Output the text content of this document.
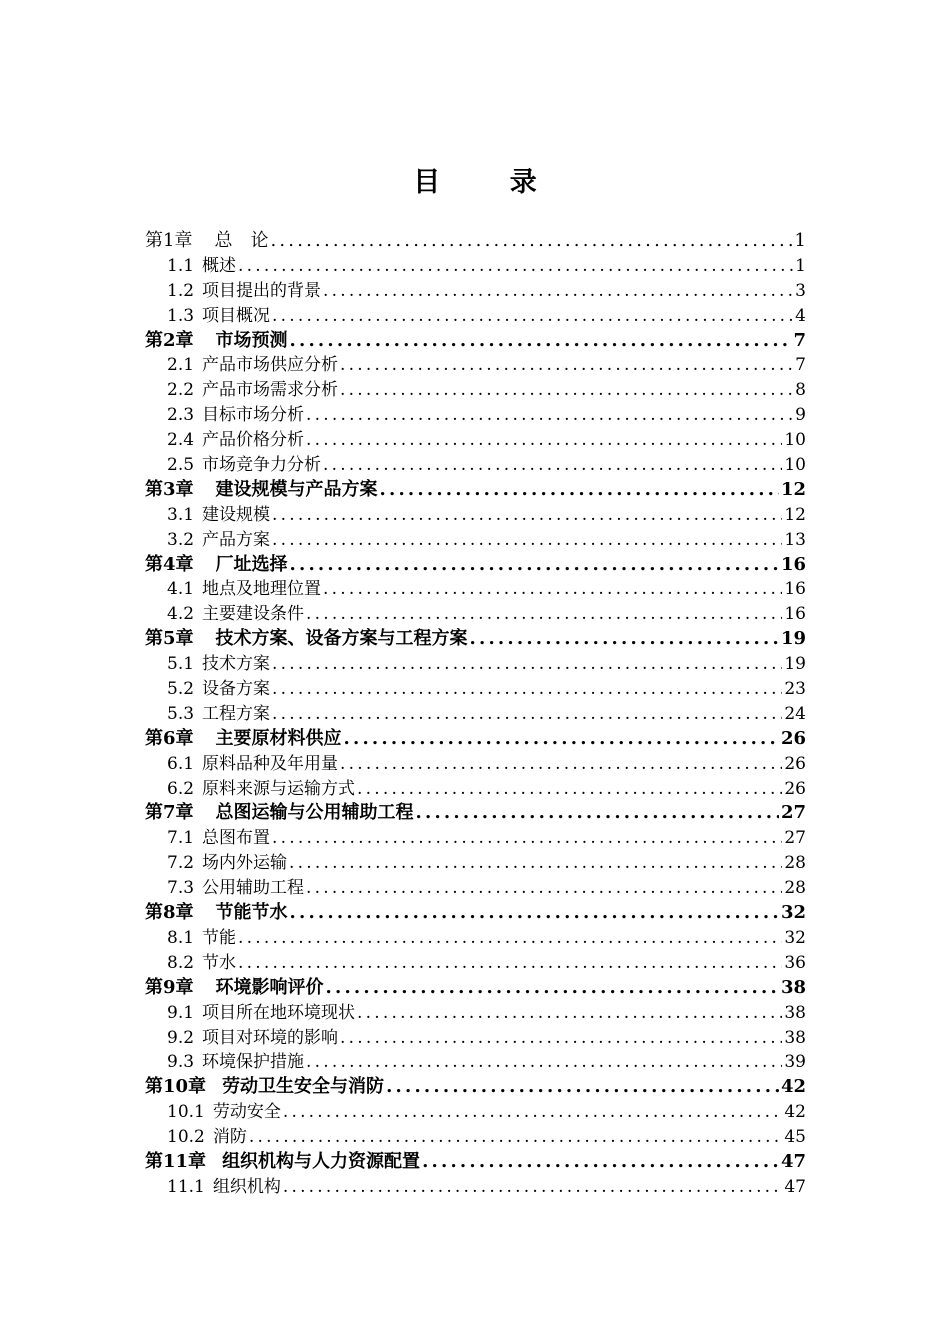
目 录
第1章 总　论 .....	1
1.1 概述 .....	1
1.2 项目提出的背景 .....	3
1.3 项目概况 .....	4
第2章 市场预测 .....	7
2.1 产品市场供应分析 .....	7
2.2 产品市场需求分析 .....	8
2.3 目标市场分析 .....	9
2.4 产品价格分析 .....	10
2.5 市场竞争力分析 .....	10
第3章 建设规模与产品方案 .....	12
3.1 建设规模 .....	12
3.2 产品方案 .....	13
第4章 厂址选择 .....	16
4.1 地点及地理位置 .....	16
4.2 主要建设条件 .....	16
第5章 技术方案、设备方案与工程方案 .....	19
5.1 技术方案 .....	19
5.2 设备方案 .....	23
5.3 工程方案 .....	24
第6章 主要原材料供应 .....	26
6.1 原料品种及年用量 .....	26
6.2 原料来源与运输方式 .....	26
第7章 总图运输与公用辅助工程 .....	27
7.1 总图布置 .....	27
7.2 场内外运输 .....	28
7.3 公用辅助工程 .....	28
第8章 节能节水 .....	32
8.1 节能 .....	32
8.2 节水 .....	36
第9章 环境影响评价 .....	38
9.1 项目所在地环境现状 .....	38
9.2 项目对环境的影响 .....	38
9.3 环境保护措施 .....	39
第10章 劳动卫生安全与消防 .....	42
10.1 劳动安全 .....	42
10.2 消防 .....	45
第11章 组织机构与人力资源配置 .....	47
11.1 组织机构 .....	47
